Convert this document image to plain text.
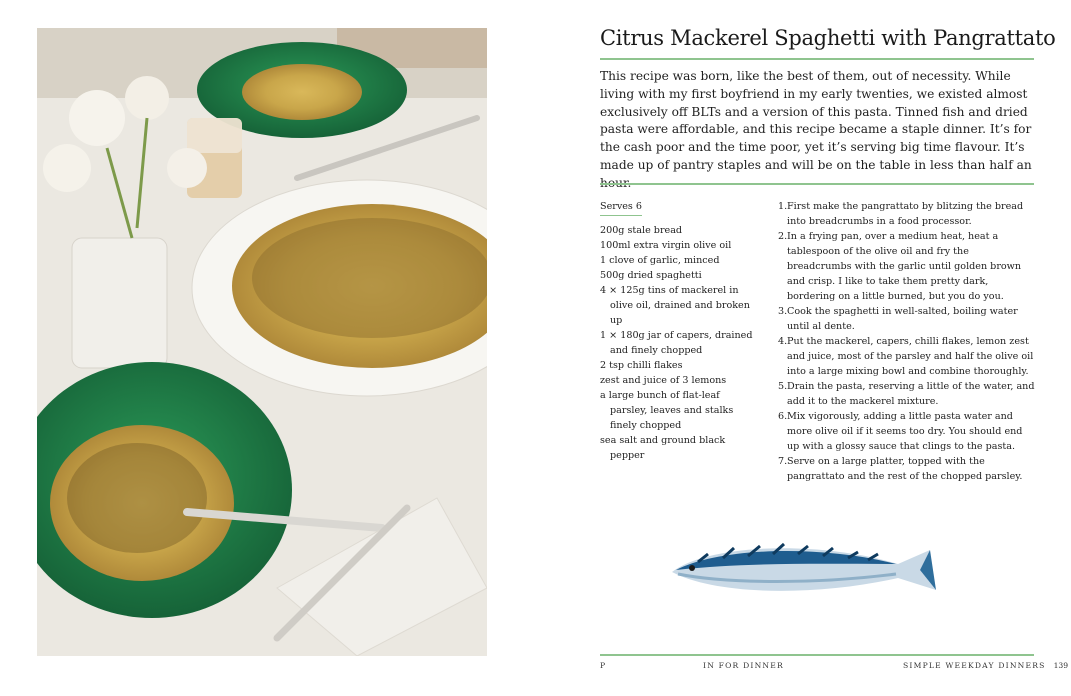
Citrus Mackerel Spaghetti with Pangrattato

This recipe was born, like the best of them, out of necessity. While living with my first boyfriend in my early twenties, we existed almost exclusively off BLTs and a version of this pasta. Tinned fish and dried pasta were affordable, and this recipe became a staple dinner. It’s for the cash poor and the time poor, yet it’s serving big time flavour. It’s made up of pantry staples and will be on the table in less than half an

Serves 6
200g stale bread
100ml extra virgin olive oil
1 clove of garlic, minced
500g dried spaghetti
4 × 125g tins of mackerel in olive oil, drained and broken up
1 × 180g jar of capers, drained and finely chopped
2 tsp chilli flakes
zest and juice of 3 lemons
a large bunch of flat-leaf parsley, leaves and stalks finely chopped
sea salt and ground black pepper
1. First make the pangrattato by blitzing the bread into breadcrumbs in a food processor.
2. In a frying pan, over a medium heat, heat a tablespoon of the olive oil and fry the breadcrumbs with the garlic until golden brown and crisp. I like to take them pretty dark, bordering on a little burned, but you do you.
3. Cook the spaghetti in well-salted, boiling water until al dente.
4. Put the mackerel, capers, chilli flakes, lemon zest and juice, most of the parsley and half the olive oil into a large mixing bowl and combine thoroughly.
5. Drain the pasta, reserving a little of the water, and add it to the mackerel mixture.
6. Mix vigorously, adding a little pasta water and more olive oil if it seems too dry. You should end up with a glossy sauce that clings to the pasta.
7. Serve on a large platter, topped with the pangrattato and the rest of the chopped parsley.
P	IN FOR DINNER	SIMPLE WEEKDAY DINNERS 139
